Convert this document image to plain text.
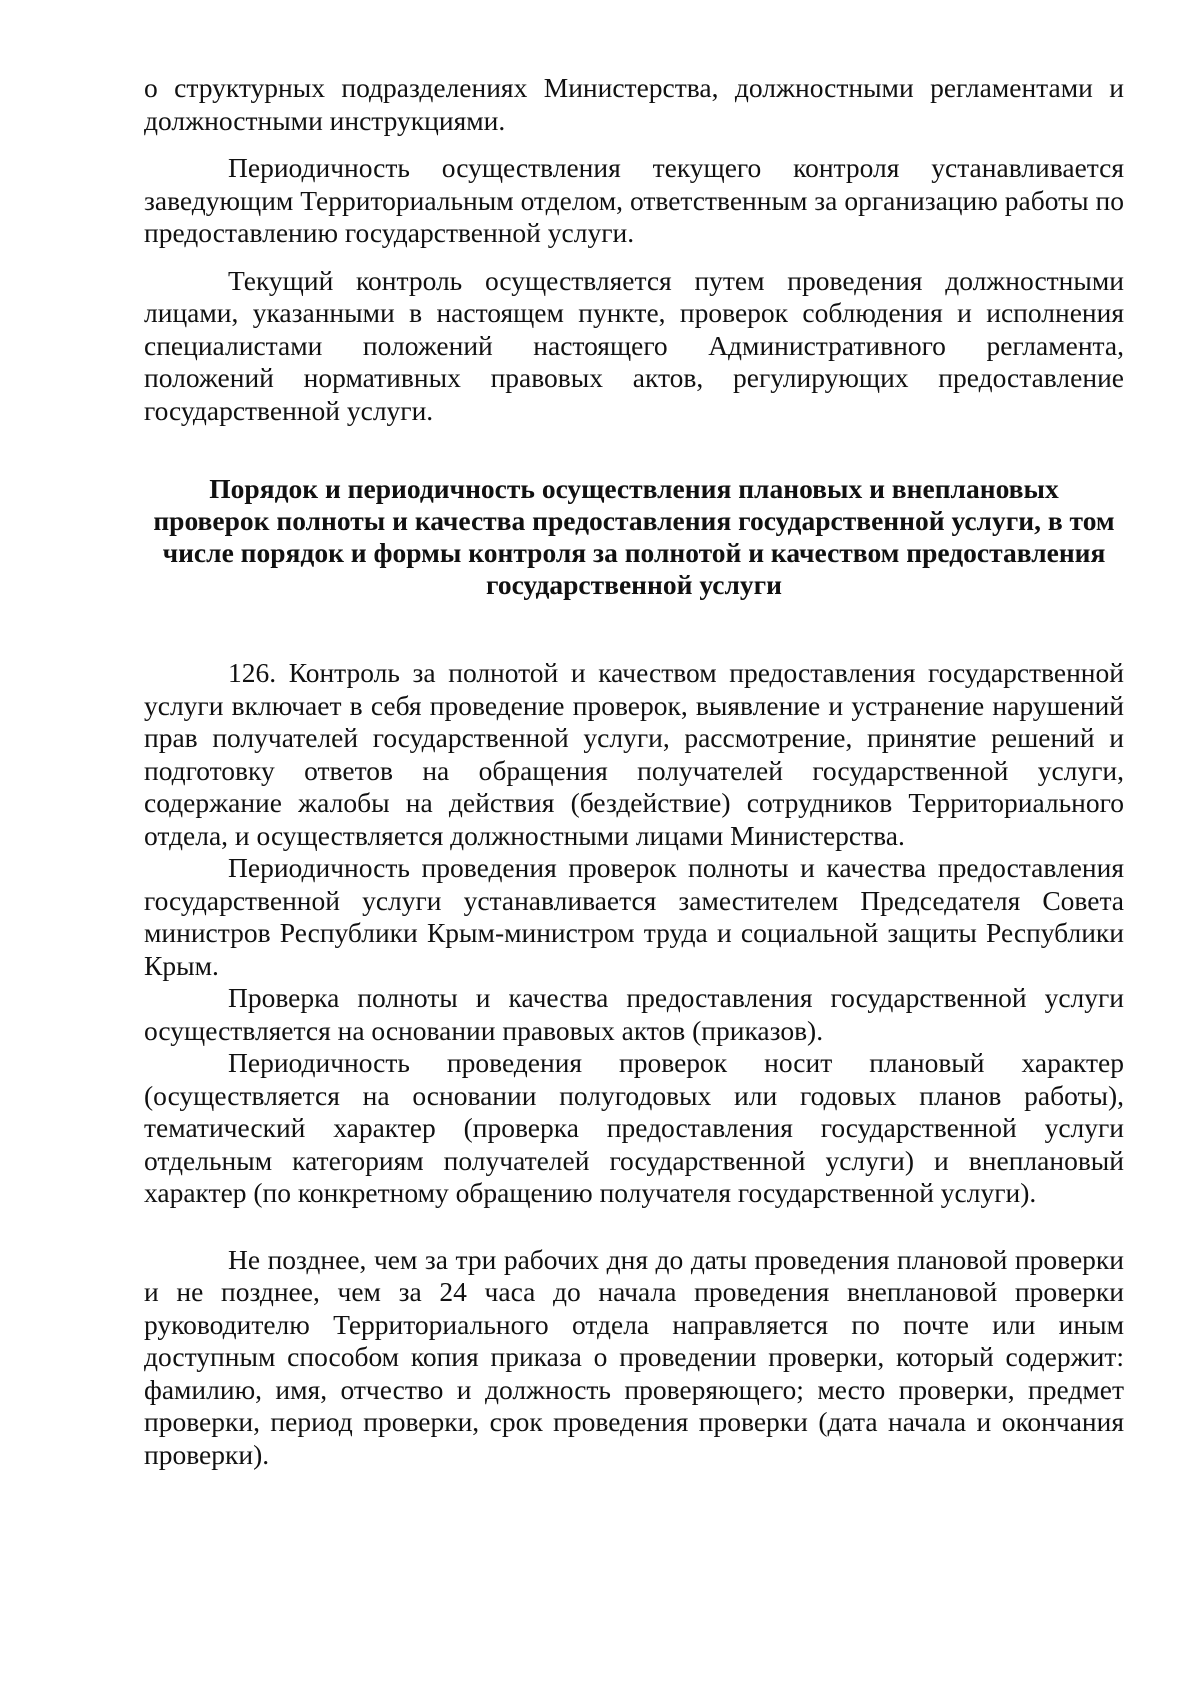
о структурных подразделениях Министерства, должностными регламентами и должностными инструкциями.

Периодичность осуществления текущего контроля устанавливается заведующим Территориальным отделом, ответственным за организацию работы по предоставлению государственной услуги.

Текущий контроль осуществляется путем проведения должностными лицами, указанными в настоящем пункте, проверок соблюдения и исполнения специалистами положений настоящего Административного регламента, положений нормативных правовых актов, регулирующих предоставление государственной услуги.

Порядок и периодичность осуществления плановых и внеплановых проверок полноты и качества предоставления государственной услуги, в том числе порядок и формы контроля за полнотой и качеством предоставления государственной услуги

126. Контроль за полнотой и качеством предоставления государственной услуги включает в себя проведение проверок, выявление и устранение нарушений прав получателей государственной услуги, рассмотрение, принятие решений и подготовку ответов на обращения получателей государственной услуги, содержание жалобы на действия (бездействие) сотрудников Территориального отдела, и осуществляется должностными лицами Министерства.

Периодичность проведения проверок полноты и качества предоставления государственной услуги устанавливается заместителем Председателя Совета министров Республики Крым-министром труда и социальной защиты Республики Крым.

Проверка полноты и качества предоставления государственной услуги осуществляется на основании правовых актов (приказов).

Периодичность проведения проверок носит плановый характер (осуществляется на основании полугодовых или годовых планов работы), тематический характер (проверка предоставления государственной услуги отдельным категориям получателей государственной услуги) и внеплановый характер (по конкретному обращению получателя государственной услуги).

Не позднее, чем за три рабочих дня до даты проведения плановой проверки и не позднее, чем за 24 часа до начала проведения внеплановой проверки руководителю Территориального отдела направляется по почте или иным доступным способом копия приказа о проведении проверки, который содержит: фамилию, имя, отчество и должность проверяющего; место проверки, предмет проверки, период проверки, срок проведения проверки (дата начала и окончания проверки).
